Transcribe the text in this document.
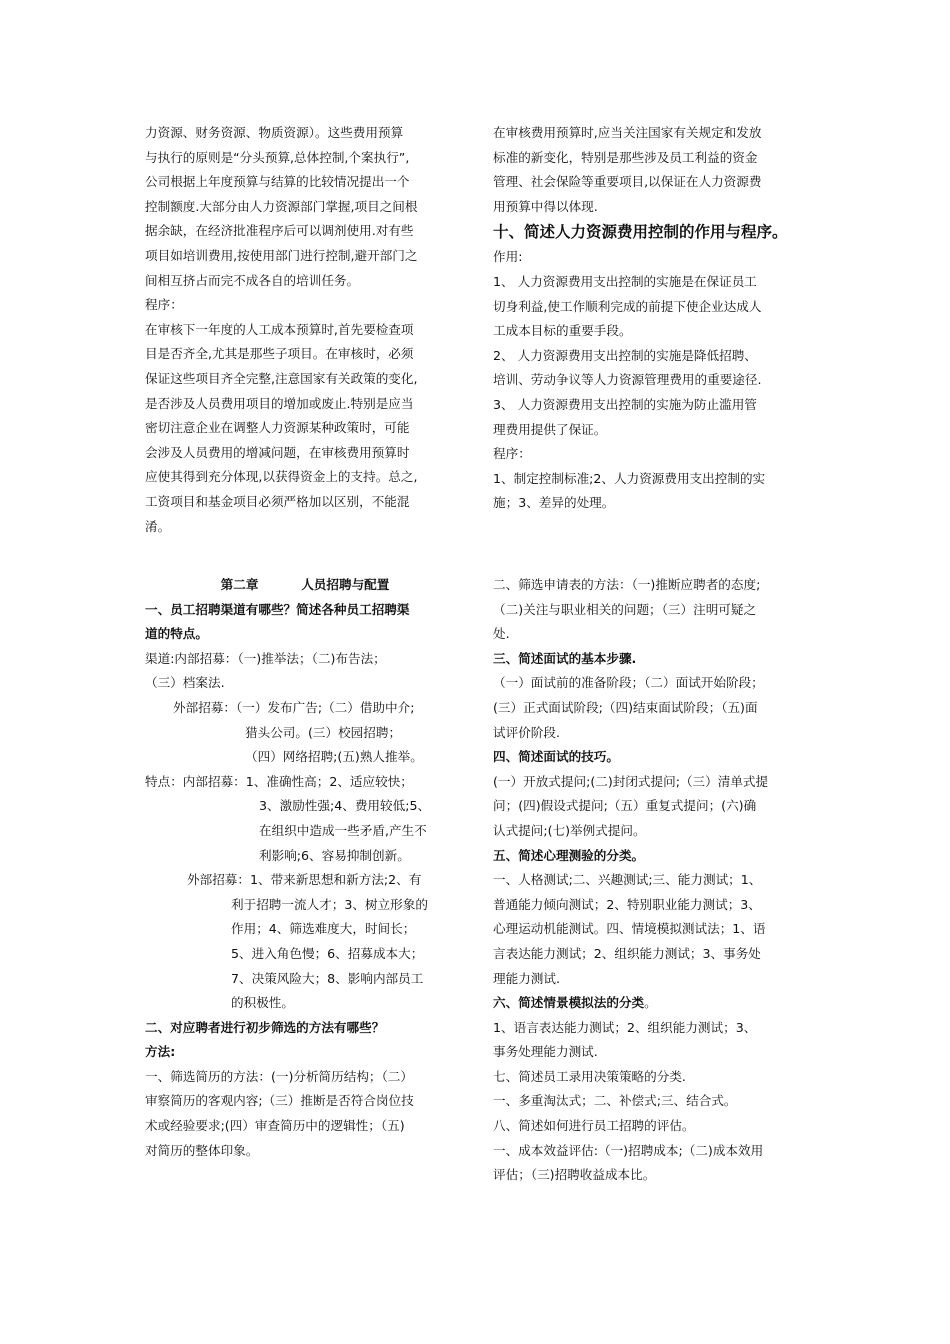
力资源、财务资源、物质资源）。这些费用预算

与执行的原则是“分头预算,总体控制,个案执行”,

公司根据上年度预算与结算的比较情况提出一个

控制额度.大部分由人力资源部门掌握,项目之间根

据余缺，在经济批准程序后可以调剂使用.对有些

项目如培训费用,按使用部门进行控制,避开部门之

间相互挤占而完不成各自的培训任务。

程序：

在审核下一年度的人工成本预算时,首先要检查项

目是否齐全,尤其是那些子项目。在审核时，必须

保证这些项目齐全完整,注意国家有关政策的变化,

是否涉及人员费用项目的增加或废止.特别是应当

密切注意企业在调整人力资源某种政策时，可能

会涉及人员费用的增减问题，在审核费用预算时

应使其得到充分体现,以获得资金上的支持。总之,

工资项目和基金项目必须严格加以区别，不能混

淆。

在审核费用预算时,应当关注国家有关规定和发放

标准的新变化，特别是那些涉及员工利益的资金

管理、社会保险等重要项目,以保证在人力资源费

用预算中得以体现.

十、简述人力资源费用控制的作用与程序。

作用:

1、 人力资源费用支出控制的实施是在保证员工

切身利益,使工作顺利完成的前提下使企业达成人

工成本目标的重要手段。

2、 人力资源费用支出控制的实施是降低招聘、

培训、劳动争议等人力资源管理费用的重要途径.

3、 人力资源费用支出控制的实施为防止滥用管

理费用提供了保证。

程序：

1、制定控制标准;2、人力资源费用支出控制的实

施；3、差异的处理。

第二章	人员招聘与配置

一、员工招聘渠道有哪些？简述各种员工招聘渠

道的特点。

渠道:内部招募：（一)推举法；（二)布告法；

（三）档案法.

外部招募：（一）发布广告;（二）借助中介;

猎头公司。(三）校园招聘；

（四）网络招聘;(五)熟人推举。

特点：内部招募：1、准确性高；2、适应较快；

3、激励性强;4、费用较低;5、

在组织中造成一些矛盾,产生不

利影响;6、容易抑制创新。

外部招募：1、带来新思想和新方法;2、有

利于招聘一流人才；3、树立形象的

作用；4、筛选难度大，时间长；

5、进入角色慢；6、招募成本大；

7、决策风险大；8、影响内部员工

的积极性。

二、对应聘者进行初步筛选的方法有哪些？

方法:

一、筛选简历的方法：(一)分析简历结构；（二）

审察简历的客观内容;（三）推断是否符合岗位技

术或经验要求;(四）审查简历中的逻辑性；（五)

对简历的整体印象。

二、筛选申请表的方法：（一)推断应聘者的态度;

（二)关注与职业相关的问题；（三）注明可疑之

处.

三、简述面试的基本步骤.

（一）面试前的准备阶段；（二）面试开始阶段；

(三）正式面试阶段;（四)结束面试阶段；（五)面

试评价阶段.

四、简述面试的技巧。

(一）开放式提问;(二)封闭式提问;（三）清单式提

问；(四)假设式提问;（五）重复式提问；(六)确

认式提问;(七)举例式提问。

五、简述心理测验的分类。

一、人格测试;二、兴趣测试;三、能力测试；1、

普通能力倾向测试；2、特别职业能力测试；3、

心理运动机能测试。四、情境模拟测试法；1、语

言表达能力测试；2、组织能力测试；3、事务处

理能力测试.

六、简述情景模拟法的分类。

1、语言表达能力测试；2、组织能力测试；3、

事务处理能力测试.

七、简述员工录用决策策略的分类.

一、多重淘汰式；二、补偿式;三、结合式。

八、简述如何进行员工招聘的评估。

一、成本效益评估:（一)招聘成本;（二)成本效用

评估；（三)招聘收益成本比。
